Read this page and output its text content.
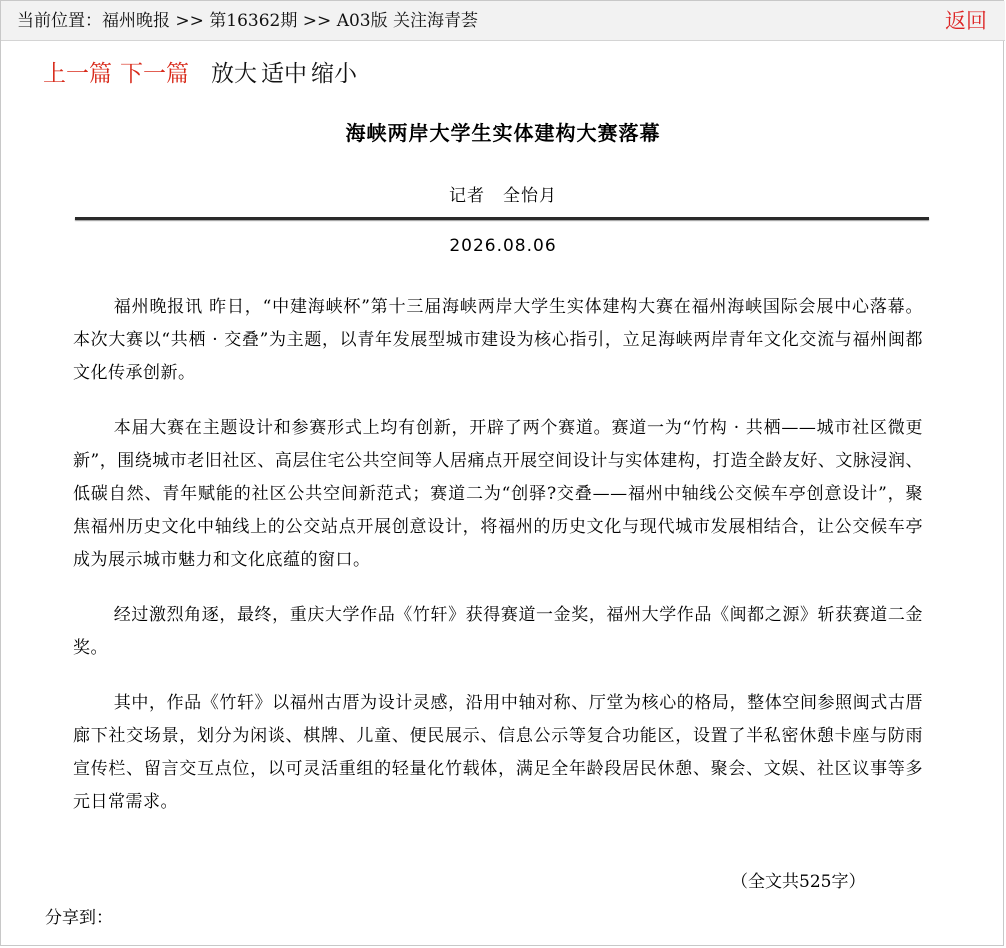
当前位置：福州晚报 >> 第16362期 >> A03版 关注海青荟	返回
上一篇 下一篇 放大 适中 缩小
海峡两岸大学生实体建构大赛落幕
记者 全怡月
2026.08.06

福州晚报讯 昨日，“中建海峡杯”第十三届海峡两岸大学生实体建构大赛在福州海峡国际会展中心落幕。本次大赛以“共栖 · 交叠”为主题，以青年发展型城市建设为核心指引，立足海峡两岸青年文化交流与福州闽都文化传承创新。

本届大赛在主题设计和参赛形式上均有创新，开辟了两个赛道。赛道一为“竹构 · 共栖——城市社区微更新”，围绕城市老旧社区、高层住宅公共空间等人居痛点开展空间设计与实体建构，打造全龄友好、文脉浸润、低碳自然、青年赋能的社区公共空间新范式；赛道二为“创驿?交叠——福州中轴线公交候车亭创意设计”，聚焦福州历史文化中轴线上的公交站点开展创意设计，将福州的历史文化与现代城市发展相结合，让公交候车亭成为展示城市魅力和文化底蕴的窗口。

经过激烈角逐，最终，重庆大学作品《竹轩》获得赛道一金奖，福州大学作品《闽都之源》斩获赛道二金奖。

其中，作品《竹轩》以福州古厝为设计灵感，沿用中轴对称、厅堂为核心的格局，整体空间参照闽式古厝廊下社交场景，划分为闲谈、棋牌、儿童、便民展示、信息公示等复合功能区，设置了半私密休憩卡座与防雨宣传栏、留言交互点位，以可灵活重组的轻量化竹载体，满足全年龄段居民休憩、聚会、文娱、社区议事等多元日常需求。

（全文共525字）
分享到：
